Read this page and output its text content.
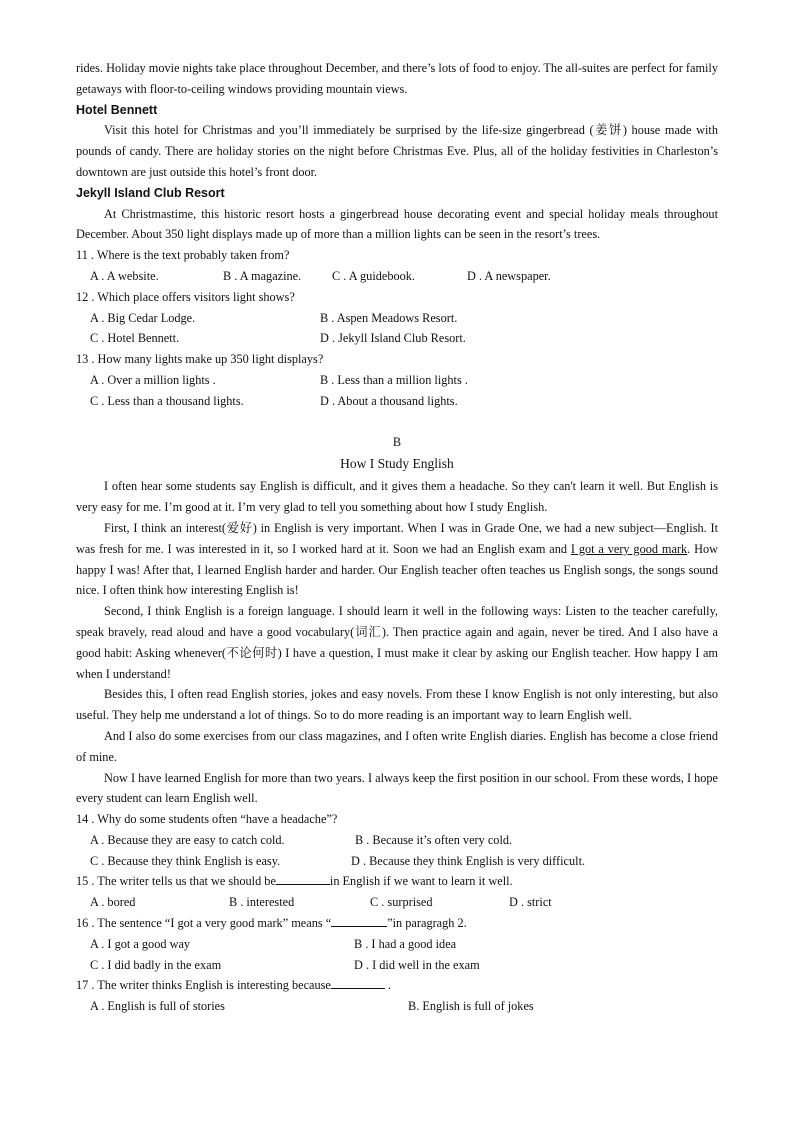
rides. Holiday movie nights take place throughout December, and there’s lots of food to enjoy. The all-suites are perfect for family getaways with floor-to-ceiling windows providing mountain views.

Hotel Bennett

Visit this hotel for Christmas and you’ll immediately be surprised by the life-size gingerbread (姜饼) house made with pounds of candy. There are holiday stories on the night before Christmas Eve. Plus, all of the holiday festivities in Charleston’s downtown are just outside this hotel’s front door.

Jekyll Island Club Resort

At Christmastime, this historic resort hosts a gingerbread house decorating event and special holiday meals throughout December. About 350 light displays made up of more than a million lights can be seen in the resort’s trees.

11 . Where is the text probably taken from?
A . A website.	B . A magazine.	C . A guidebook.	D . A newspaper.
12 . Which place offers visitors light shows?
A . Big Cedar Lodge.	B . Aspen Meadows Resort.
C . Hotel Bennett.	D . Jekyll Island Club Resort.
13 . How many lights make up 350 light displays?
A . Over a million lights .	B . Less than a million lights .
C . Less than a thousand lights.	D . About a thousand lights.
B
How I Study English

I often hear some students say English is difficult, and it gives them a headache. So they can't learn it well. But English is very easy for me. I’m good at it. I’m very glad to tell you something about how I study English.

First, I think an interest(爱好) in English is very important. When I was in Grade One, we had a new subject—English. It was fresh for me. I was interested in it, so I worked hard at it. Soon we had an English exam and I got a very good mark. How happy I was! After that, I learned English harder and harder. Our English teacher often teaches us English songs, the songs sound nice. I often think how interesting English is!

Second, I think English is a foreign language. I should learn it well in the following ways: Listen to the teacher carefully, speak bravely, read aloud and have a good vocabulary(词汇). Then practice again and again, never be tired. And I also have a good habit: Asking whenever(不论何时) I have a question, I must make it clear by asking our English teacher. How happy I am when I understand!

Besides this, I often read English stories, jokes and easy novels. From these I know English is not only interesting, but also useful. They help me understand a lot of things. So to do more reading is an important way to learn English well.

And I also do some exercises from our class magazines, and I often write English diaries. English has become a close friend of mine.

Now I have learned English for more than two years. I always keep the first position in our school. From these words, I hope every student can learn English well.

14 . Why do some students often “have a headache”?
A . Because they are easy to catch cold.	B . Because it’s often very cold.
C . Because they think English is easy.	D . Because they think English is very difficult.
15 . The writer tells us that we should be	in English if we want to learn it well.
A . bored	B . interested	C . surprised	D . strict
16 . The sentence “I got a very good mark” means “	”in paragragh 2.
A . I got a good way	B . I had a good idea
C . I did badly in the exam	D . I did well in the exam
17 . The writer thinks English is interesting because	.
A . English is full of stories	B. English is full of jokes
